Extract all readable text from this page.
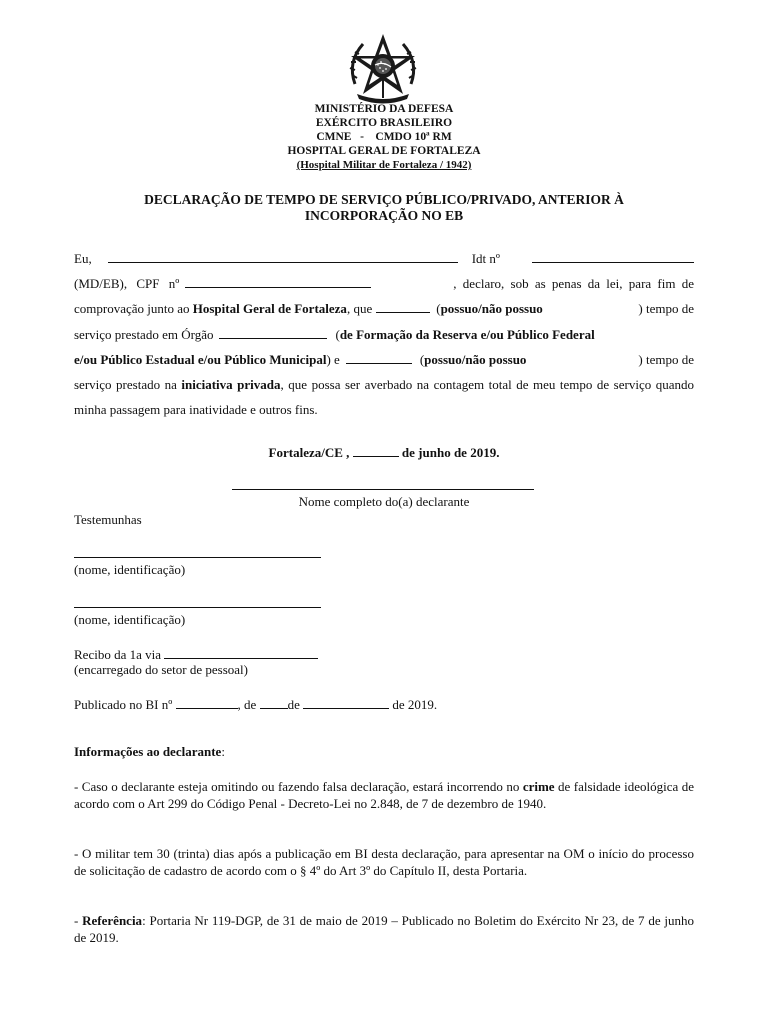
MINISTÉRIO DA DEFESA
EXÉRCITO BRASILEIRO
CMNE   -    CMDO 10ª RM
HOSPITAL GERAL DE FORTALEZA
(Hospital Militar de Fortaleza / 1942)
DECLARAÇÃO DE TEMPO DE SERVIÇO PÚBLICO/PRIVADO, ANTERIOR À
INCORPORAÇÃO NO EB
Eu,	Idt nº
(MD/EB), CPF nº	, declaro, sob as penas da lei, para fim de
comprovação junto ao
Hospital Geral de Fortaleza , que	( possuo/não possuo	) tempo de
serviço prestado em Órgão	( de Formação da Reserva e/ou Público Federal
e/ou Público Estadual e/ou Público Municipal ) e	( possuo/não possuo	) tempo de
serviço prestado na iniciativa privada, que possa ser averbado na contagem total de meu tempo de serviço quando minha passagem para inatividade e outros fins.
Fortaleza/CE ,	de junho de 2019.
Nome completo do(a) declarante
Testemunhas
(nome, identificação)
(nome, identificação)
Recibo da 1a via
(encarregado do setor de pessoal)
Publicado no BI nº	, de de	de 2019.
Informações ao declarante:
- Caso o declarante esteja omitindo ou fazendo falsa declaração, estará incorrendo no crime de falsidade ideológica de acordo com o Art 299 do Código Penal - Decreto-Lei no 2.848, de 7 de dezembro de 1940.
- O militar tem 30 (trinta) dias após a publicação em BI desta declaração, para apresentar na OM o início do processo de solicitação de cadastro de acordo com o § 4º do Art 3º do Capítulo II, desta Portaria.
- Referência: Portaria Nr 119-DGP, de 31 de maio de 2019 – Publicado no Boletim do Exército Nr 23, de 7 de junho de 2019.
